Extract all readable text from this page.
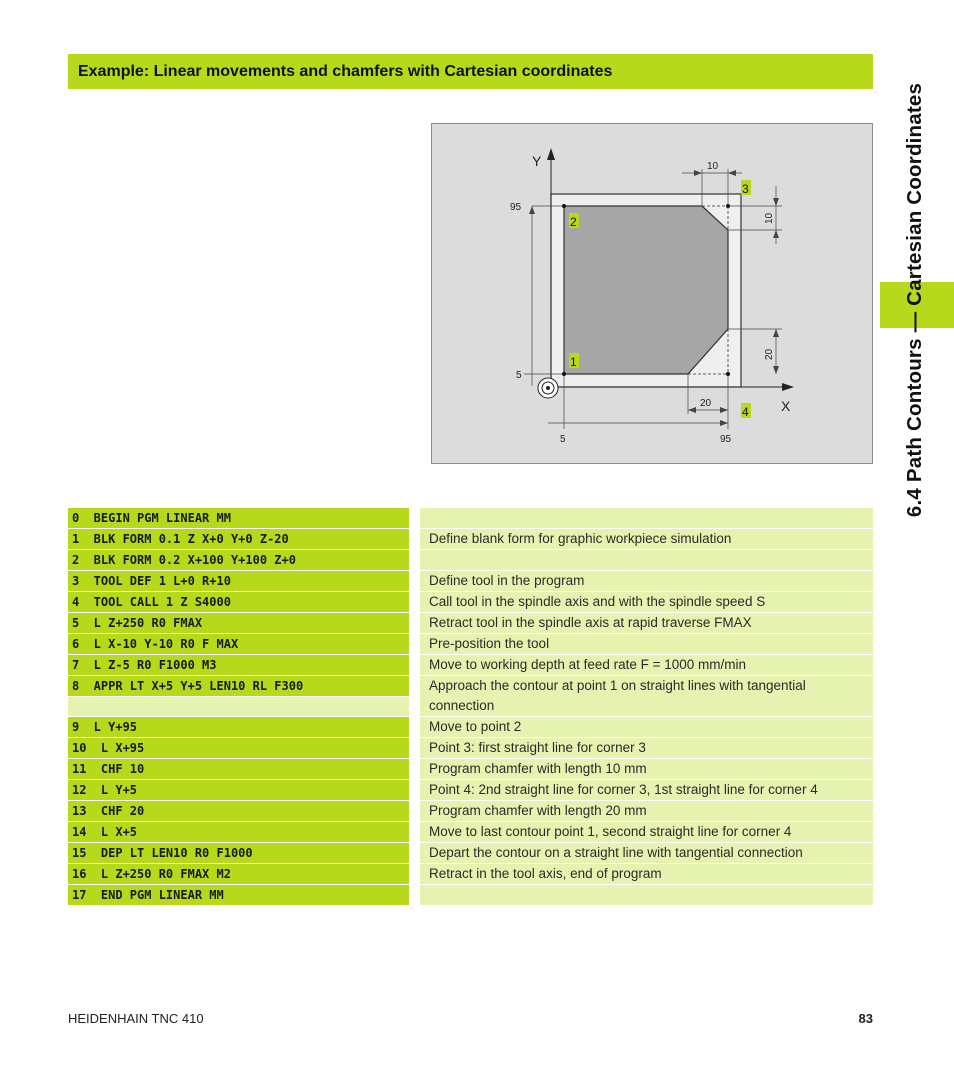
Example: Linear movements and chamfers with Cartesian coordinates
6.4 Path Contours — Cartesian Coordinates
Y
X
95
5
5	95
20
10
10
20
2
3
4
1
0  BEGIN PGM LINEAR MM
1  BLK FORM 0.1 Z X+0 Y+0 Z-20	Define blank form for graphic workpiece simulation
2  BLK FORM 0.2 X+100 Y+100 Z+0
3  TOOL DEF 1 L+0 R+10	Define tool in the program
4  TOOL CALL 1 Z S4000	Call tool in the spindle axis and with the spindle speed S
5  L Z+250 R0 FMAX	Retract tool in the spindle axis at rapid traverse FMAX
6  L X-10 Y-10 R0 F MAX	Pre-position the tool
7  L Z-5 R0 F1000 M3	Move to working depth at feed rate F = 1000 mm/min
8  APPR LT X+5 Y+5 LEN10 RL F300	Approach the contour at point 1 on straight lines with tangential
connection
9  L Y+95	Move to point 2
10  L X+95	Point 3: first straight line for corner 3
11  CHF 10	Program chamfer with length 10 mm
12  L Y+5	Point 4: 2nd straight line for corner 3, 1st straight line for corner 4
13  CHF 20	Program chamfer with length 20 mm
14  L X+5	Move to last contour point 1, second straight line for corner 4
15  DEP LT LEN10 R0 F1000	Depart the contour on a straight line with tangential connection
16  L Z+250 R0 FMAX M2	Retract in the tool axis, end of program
17  END PGM LINEAR MM
HEIDENHAIN TNC 410	83
